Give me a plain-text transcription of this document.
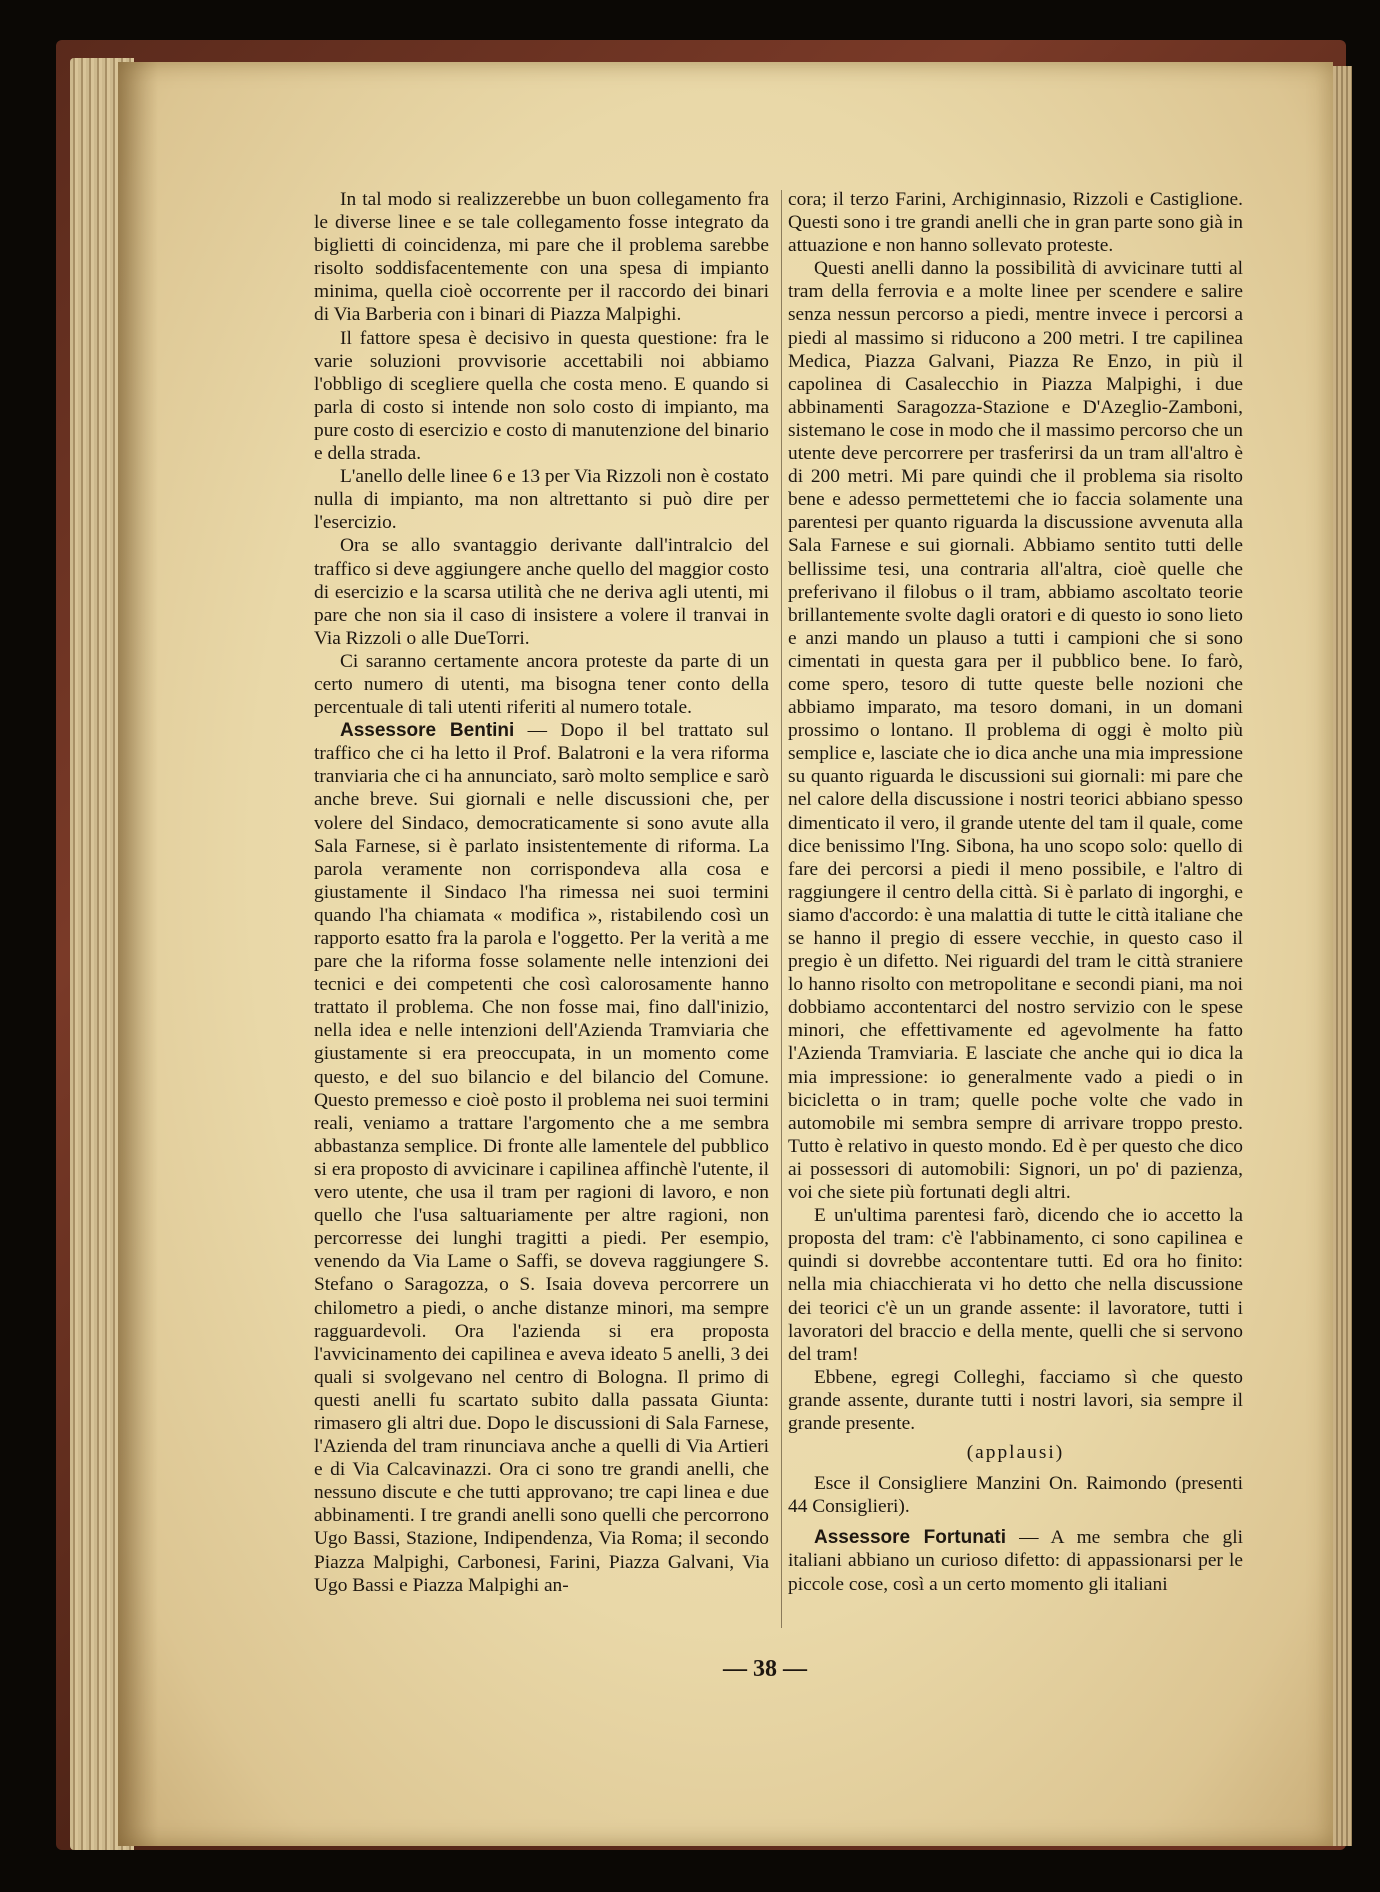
In tal modo si realizzerebbe un buon collegamento fra le diverse linee e se tale collegamento fosse integrato da biglietti di coincidenza, mi pare che il problema sarebbe risolto soddisfacentemente con una spesa di impianto minima, quella cioè occorrente per il raccordo dei binari di Via Barberia con i binari di Piazza Malpighi.

Il fattore spesa è decisivo in questa questione: fra le varie soluzioni provvisorie accettabili noi abbiamo l'obbligo di scegliere quella che costa meno. E quando si parla di costo si intende non solo costo di impianto, ma pure costo di esercizio e costo di manutenzione del binario e della strada.

L'anello delle linee 6 e 13 per Via Rizzoli non è costato nulla di impianto, ma non altrettanto si può dire per l'esercizio.

Ora se allo svantaggio derivante dall'intralcio del traffico si deve aggiungere anche quello del maggior costo di esercizio e la scarsa utilità che ne deriva agli utenti, mi pare che non sia il caso di insistere a volere il tranvai in Via Rizzoli o alle DueTorri.

Ci saranno certamente ancora proteste da parte di un certo numero di utenti, ma bisogna tener conto della percentuale di tali utenti riferiti al numero totale.

Assessore Bentini — Dopo il bel trattato sul traffico che ci ha letto il Prof. Balatroni e la vera riforma tranviaria che ci ha annunciato, sarò molto semplice e sarò anche breve. Sui giornali e nelle discussioni che, per volere del Sindaco, democraticamente si sono avute alla Sala Farnese, si è parlato insistentemente di riforma. La parola veramente non corrispondeva alla cosa e giustamente il Sindaco l'ha rimessa nei suoi termini quando l'ha chiamata « modifica », ristabilendo così un rapporto esatto fra la parola e l'oggetto. Per la verità a me pare che la riforma fosse solamente nelle intenzioni dei tecnici e dei competenti che così calorosamente hanno trattato il problema. Che non fosse mai, fino dall'inizio, nella idea e nelle intenzioni dell'Azienda Tramviaria che giustamente si era preoccupata, in un momento come questo, e del suo bilancio e del bilancio del Comune. Questo premesso e cioè posto il problema nei suoi termini reali, veniamo a trattare l'argomento che a me sembra abbastanza semplice. Di fronte alle lamentele del pubblico si era proposto di avvicinare i capilinea affinchè l'utente, il vero utente, che usa il tram per ragioni di lavoro, e non quello che l'usa saltuariamente per altre ragioni, non percorresse dei lunghi tragitti a piedi. Per esempio, venendo da Via Lame o Saffi, se doveva raggiungere S. Stefano o Saragozza, o S. Isaia doveva percorrere un chilometro a piedi, o anche distanze minori, ma sempre ragguardevoli. Ora l'azienda si era proposta l'avvicinamento dei capilinea e aveva ideato 5 anelli, 3 dei quali si svolgevano nel centro di Bologna. Il primo di questi anelli fu scartato subito dalla passata Giunta: rimasero gli altri due. Dopo le discussioni di Sala Farnese, l'Azienda del tram rinunciava anche a quelli di Via Artieri e di Via Calcavinazzi. Ora ci sono tre grandi anelli, che nessuno discute e che tutti approvano; tre capi linea e due abbinamenti. I tre grandi anelli sono quelli che percorrono Ugo Bassi, Stazione, Indipendenza, Via Roma; il secondo Piazza Malpighi, Carbonesi, Farini, Piazza Galvani, Via Ugo Bassi e Piazza Malpighi an-

cora; il terzo Farini, Archiginnasio, Rizzoli e Castiglione. Questi sono i tre grandi anelli che in gran parte sono già in attuazione e non hanno sollevato proteste.

Questi anelli danno la possibilità di avvicinare tutti al tram della ferrovia e a molte linee per scendere e salire senza nessun percorso a piedi, mentre invece i percorsi a piedi al massimo si riducono a 200 metri. I tre capilinea Medica, Piazza Galvani, Piazza Re Enzo, in più il capolinea di Casalecchio in Piazza Malpighi, i due abbinamenti Saragozza-Stazione e D'Azeglio-Zamboni, sistemano le cose in modo che il massimo percorso che un utente deve percorrere per trasferirsi da un tram all'altro è di 200 metri. Mi pare quindi che il problema sia risolto bene e adesso permettetemi che io faccia solamente una parentesi per quanto riguarda la discussione avvenuta alla Sala Farnese e sui giornali. Abbiamo sentito tutti delle bellissime tesi, una contraria all'altra, cioè quelle che preferivano il filobus o il tram, abbiamo ascoltato teorie brillantemente svolte dagli oratori e di questo io sono lieto e anzi mando un plauso a tutti i campioni che si sono cimentati in questa gara per il pubblico bene. Io farò, come spero, tesoro di tutte queste belle nozioni che abbiamo imparato, ma tesoro domani, in un domani prossimo o lontano. Il problema di oggi è molto più semplice e, lasciate che io dica anche una mia impressione su quanto riguarda le discussioni sui giornali: mi pare che nel calore della discussione i nostri teorici abbiano spesso dimenticato il vero, il grande utente del tam il quale, come dice benissimo l'Ing. Sibona, ha uno scopo solo: quello di fare dei percorsi a piedi il meno possibile, e l'altro di raggiungere il centro della città. Si è parlato di ingorghi, e siamo d'accordo: è una malattia di tutte le città italiane che se hanno il pregio di essere vecchie, in questo caso il pregio è un difetto. Nei riguardi del tram le città straniere lo hanno risolto con metropolitane e secondi piani, ma noi dobbiamo accontentarci del nostro servizio con le spese minori, che effettivamente ed agevolmente ha fatto l'Azienda Tramviaria. E lasciate che anche qui io dica la mia impressione: io generalmente vado a piedi o in bicicletta o in tram; quelle poche volte che vado in automobile mi sembra sempre di arrivare troppo presto. Tutto è relativo in questo mondo. Ed è per questo che dico ai possessori di automobili: Signori, un po' di pazienza, voi che siete più fortunati degli altri.

E un'ultima parentesi farò, dicendo che io accetto la proposta del tram: c'è l'abbinamento, ci sono capilinea e quindi si dovrebbe accontentare tutti. Ed ora ho finito: nella mia chiacchierata vi ho detto che nella discussione dei teorici c'è un un grande assente: il lavoratore, tutti i lavoratori del braccio e della mente, quelli che si servono del tram!

Ebbene, egregi Colleghi, facciamo sì che questo grande assente, durante tutti i nostri lavori, sia sempre il grande presente.

(applausi)

Esce il Consigliere Manzini On. Raimondo (presenti 44 Consiglieri).

Assessore Fortunati — A me sembra che gli italiani abbiano un curioso difetto: di appassionarsi per le piccole cose, così a un certo momento gli italiani

— 38 —
